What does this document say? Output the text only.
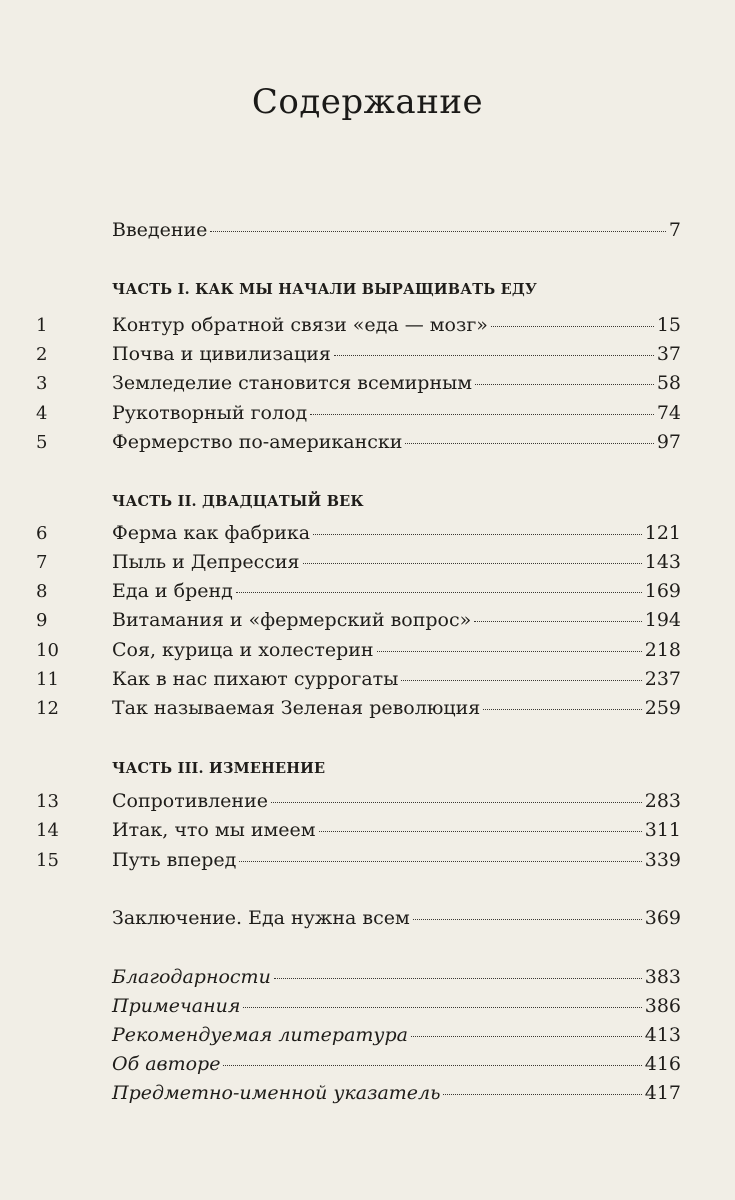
Содержание
Введение	7
ЧАСТЬ I. КАК МЫ НАЧАЛИ ВЫРАЩИВАТЬ ЕДУ
1	Контур обратной связи «еда — мозг»	15
2	Почва и цивилизация	37
3	Земледелие становится всемирным	58
4	Рукотворный голод	74
5	Фермерство по-американски	97
ЧАСТЬ II. ДВАДЦАТЫЙ ВЕК
6	Ферма как фабрика	121
7	Пыль и Депрессия	143
8	Еда и бренд	169
9	Витамания и «фермерский вопрос»	194
10	Соя, курица и холестерин	218
11	Как в нас пихают суррогаты	237
12	Так называемая Зеленая революция	259
ЧАСТЬ III. ИЗМЕНЕНИЕ
13	Сопротивление	283
14	Итак, что мы имеем	311
15	Путь вперед	339
Заключение. Еда нужна всем	369
Благодарности	383
Примечания	386
Рекомендуемая литература	413
Об авторе	416
Предметно-именной указатель	417
